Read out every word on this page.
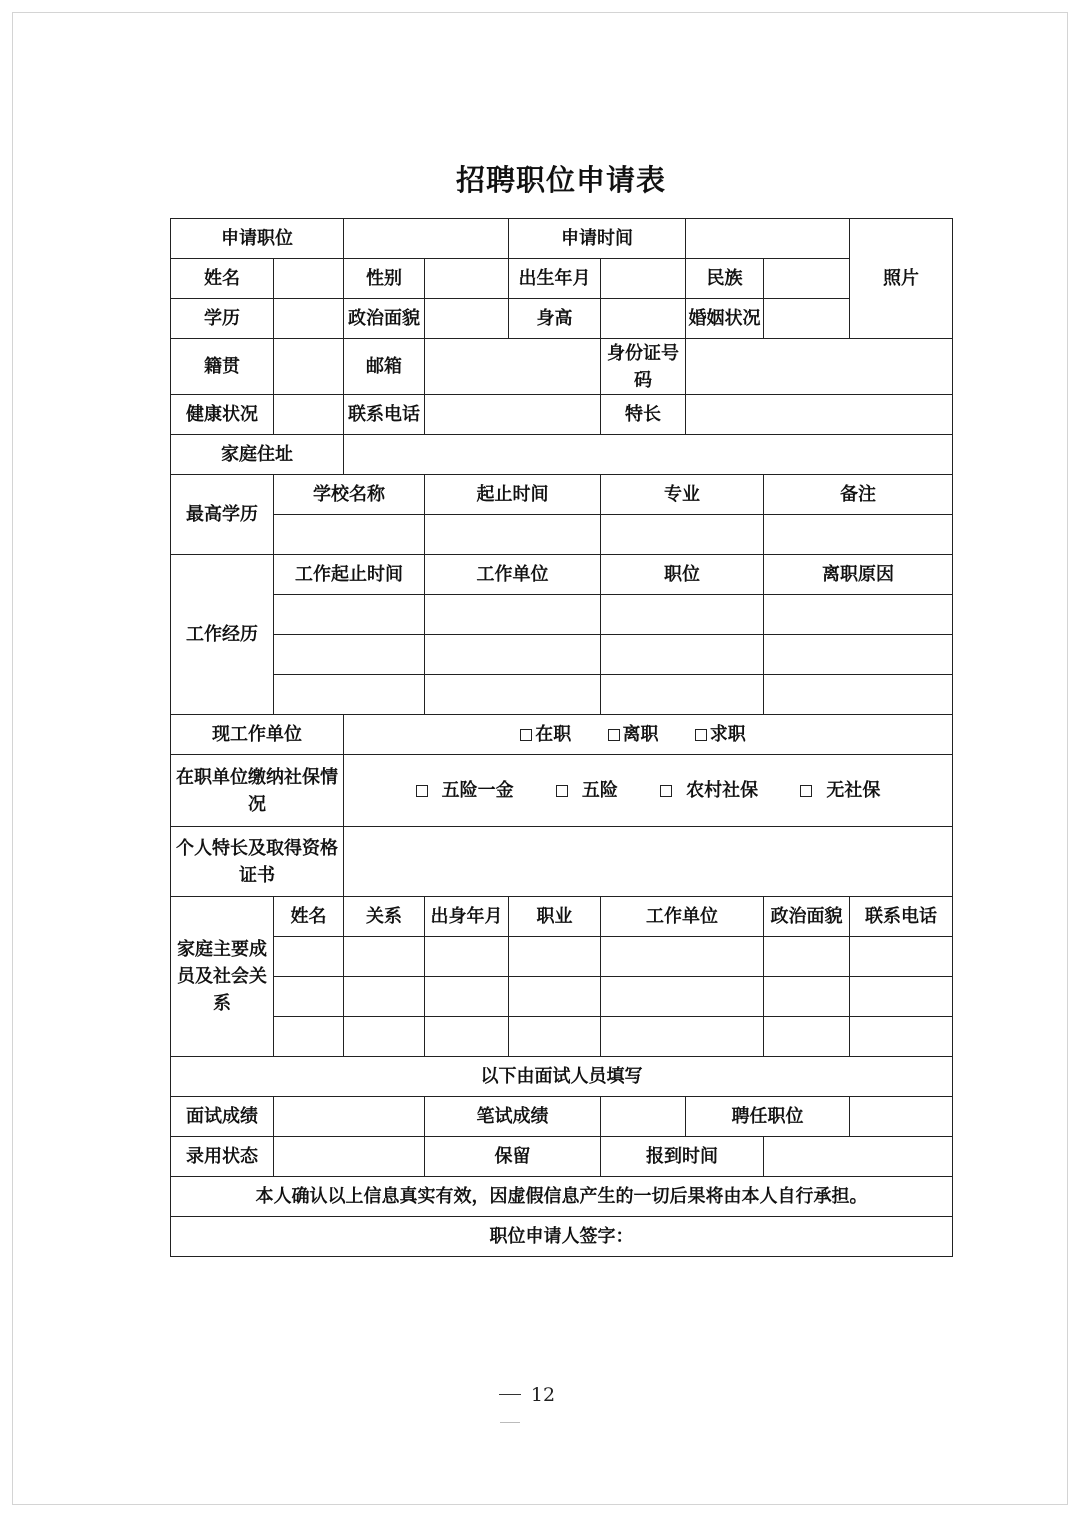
招聘职位申请表
申请职位				申请时间				照片
姓名		性别		出生年月		民族		
学历		政治面貌		身高		婚姻状况		
籍贯		邮箱			身份证号码			
健康状况		联系电话			特长			
家庭住址								
最高学历	学校名称		起止时间		专业		备注	

工作经历	工作起止时间		工作单位		职位		离职原因	

现工作单位		在职 离职 求职						
在职单位缴纳社保情况		五险一金 五险 农村社保 无社保						
个人特长及取得资格证书								
家庭主要成员及社会关系	姓名	关系	出身年月	职业	工作单位		政治面貌	联系电话

以下由面试人员填写								
面试成绩			笔试成绩			聘任职位		
录用状态			保留		报到时间			
本人确认以上信息真实有效，因虚假信息产生的一切后果将由本人自行承担。								
职位申请人签字：								
12
